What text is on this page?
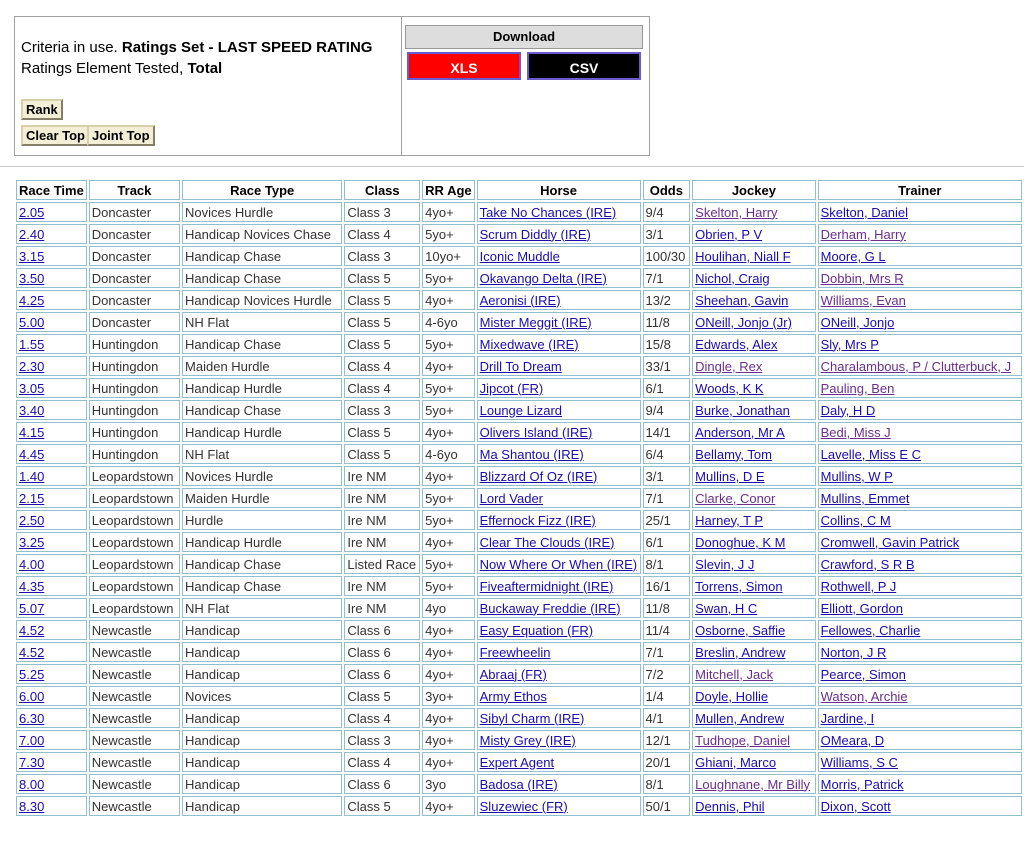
Criteria in use. Ratings Set - LAST SPEED RATING
Ratings Element Tested, Total
Rank
Clear Top Joint Top
Download
XLS	CSV
Race Time	Track	Race Type	Class	RR Age	Horse	Odds	Jockey	Trainer
2.05	Doncaster	Novices Hurdle	Class 3	4yo+	Take No Chances (IRE)	9/4	Skelton, Harry	Skelton, Daniel
2.40	Doncaster	Handicap Novices Chase	Class 4	5yo+	Scrum Diddly (IRE)	3/1	Obrien, P V	Derham, Harry
3.15	Doncaster	Handicap Chase	Class 3	10yo+	Iconic Muddle	100/30	Houlihan, Niall F	Moore, G L
3.50	Doncaster	Handicap Chase	Class 5	5yo+	Okavango Delta (IRE)	7/1	Nichol, Craig	Dobbin, Mrs R
4.25	Doncaster	Handicap Novices Hurdle	Class 5	4yo+	Aeronisi (IRE)	13/2	Sheehan, Gavin	Williams, Evan
5.00	Doncaster	NH Flat	Class 5	4-6yo	Mister Meggit (IRE)	11/8	ONeill, Jonjo (Jr)	ONeill, Jonjo
1.55	Huntingdon	Handicap Chase	Class 5	5yo+	Mixedwave (IRE)	15/8	Edwards, Alex	Sly, Mrs P
2.30	Huntingdon	Maiden Hurdle	Class 4	4yo+	Drill To Dream	33/1	Dingle, Rex	Charalambous, P / Clutterbuck, J
3.05	Huntingdon	Handicap Hurdle	Class 4	5yo+	Jipcot (FR)	6/1	Woods, K K	Pauling, Ben
3.40	Huntingdon	Handicap Chase	Class 3	5yo+	Lounge Lizard	9/4	Burke, Jonathan	Daly, H D
4.15	Huntingdon	Handicap Hurdle	Class 5	4yo+	Olivers Island (IRE)	14/1	Anderson, Mr A	Bedi, Miss J
4.45	Huntingdon	NH Flat	Class 5	4-6yo	Ma Shantou (IRE)	6/4	Bellamy, Tom	Lavelle, Miss E C
1.40	Leopardstown	Novices Hurdle	Ire NM	4yo+	Blizzard Of Oz (IRE)	3/1	Mullins, D E	Mullins, W P
2.15	Leopardstown	Maiden Hurdle	Ire NM	5yo+	Lord Vader	7/1	Clarke, Conor	Mullins, Emmet
2.50	Leopardstown	Hurdle	Ire NM	5yo+	Effernock Fizz (IRE)	25/1	Harney, T P	Collins, C M
3.25	Leopardstown	Handicap Hurdle	Ire NM	4yo+	Clear The Clouds (IRE)	6/1	Donoghue, K M	Cromwell, Gavin Patrick
4.00	Leopardstown	Handicap Chase	Listed Race	5yo+	Now Where Or When (IRE)	8/1	Slevin, J J	Crawford, S R B
4.35	Leopardstown	Handicap Chase	Ire NM	5yo+	Fiveaftermidnight (IRE)	16/1	Torrens, Simon	Rothwell, P J
5.07	Leopardstown	NH Flat	Ire NM	4yo	Buckaway Freddie (IRE)	11/8	Swan, H C	Elliott, Gordon
4.52	Newcastle	Handicap	Class 6	4yo+	Easy Equation (FR)	11/4	Osborne, Saffie	Fellowes, Charlie
4.52	Newcastle	Handicap	Class 6	4yo+	Freewheelin	7/1	Breslin, Andrew	Norton, J R
5.25	Newcastle	Handicap	Class 6	4yo+	Abraaj (FR)	7/2	Mitchell, Jack	Pearce, Simon
6.00	Newcastle	Novices	Class 5	3yo+	Army Ethos	1/4	Doyle, Hollie	Watson, Archie
6.30	Newcastle	Handicap	Class 4	4yo+	Sibyl Charm (IRE)	4/1	Mullen, Andrew	Jardine, I
7.00	Newcastle	Handicap	Class 3	4yo+	Misty Grey (IRE)	12/1	Tudhope, Daniel	OMeara, D
7.30	Newcastle	Handicap	Class 4	4yo+	Expert Agent	20/1	Ghiani, Marco	Williams, S C
8.00	Newcastle	Handicap	Class 6	3yo	Badosa (IRE)	8/1	Loughnane, Mr Billy	Morris, Patrick
8.30	Newcastle	Handicap	Class 5	4yo+	Sluzewiec (FR)	50/1	Dennis, Phil	Dixon, Scott
